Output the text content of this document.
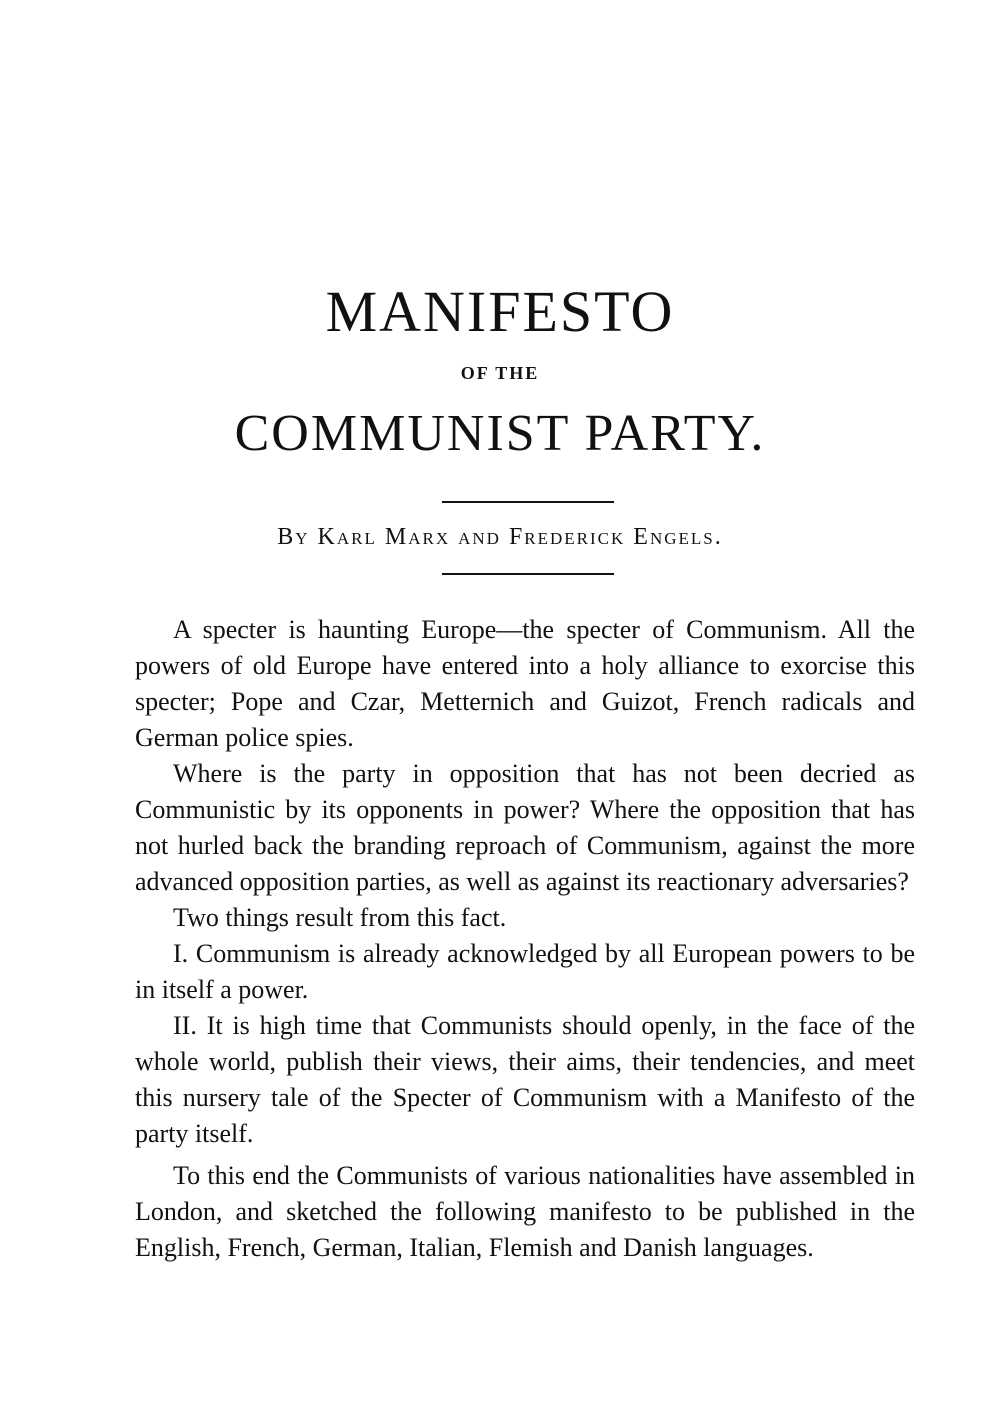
MANIFESTO
OF THE
COMMUNIST PARTY.
By Karl Marx and Frederick Engels.

A specter is haunting Europe—the specter of Communism. All the powers of old Europe have entered into a holy alliance to exorcise this specter; Pope and Czar, Metternich and Guizot, French radicals and German police spies.

Where is the party in opposition that has not been decried as Communistic by its opponents in power? Where the opposition that has not hurled back the branding reproach of Communism, against the more advanced opposition parties, as well as against its reactionary adversaries?

Two things result from this fact.

I. Communism is already acknowledged by all European powers to be in itself a power.

II. It is high time that Communists should openly, in the face of the whole world, publish their views, their aims, their tendencies, and meet this nursery tale of the Specter of Communism with a Manifesto of the party itself.

To this end the Communists of various nationalities have assembled in London, and sketched the following manifesto to be published in the English, French, German, Italian, Flemish and Danish languages.
